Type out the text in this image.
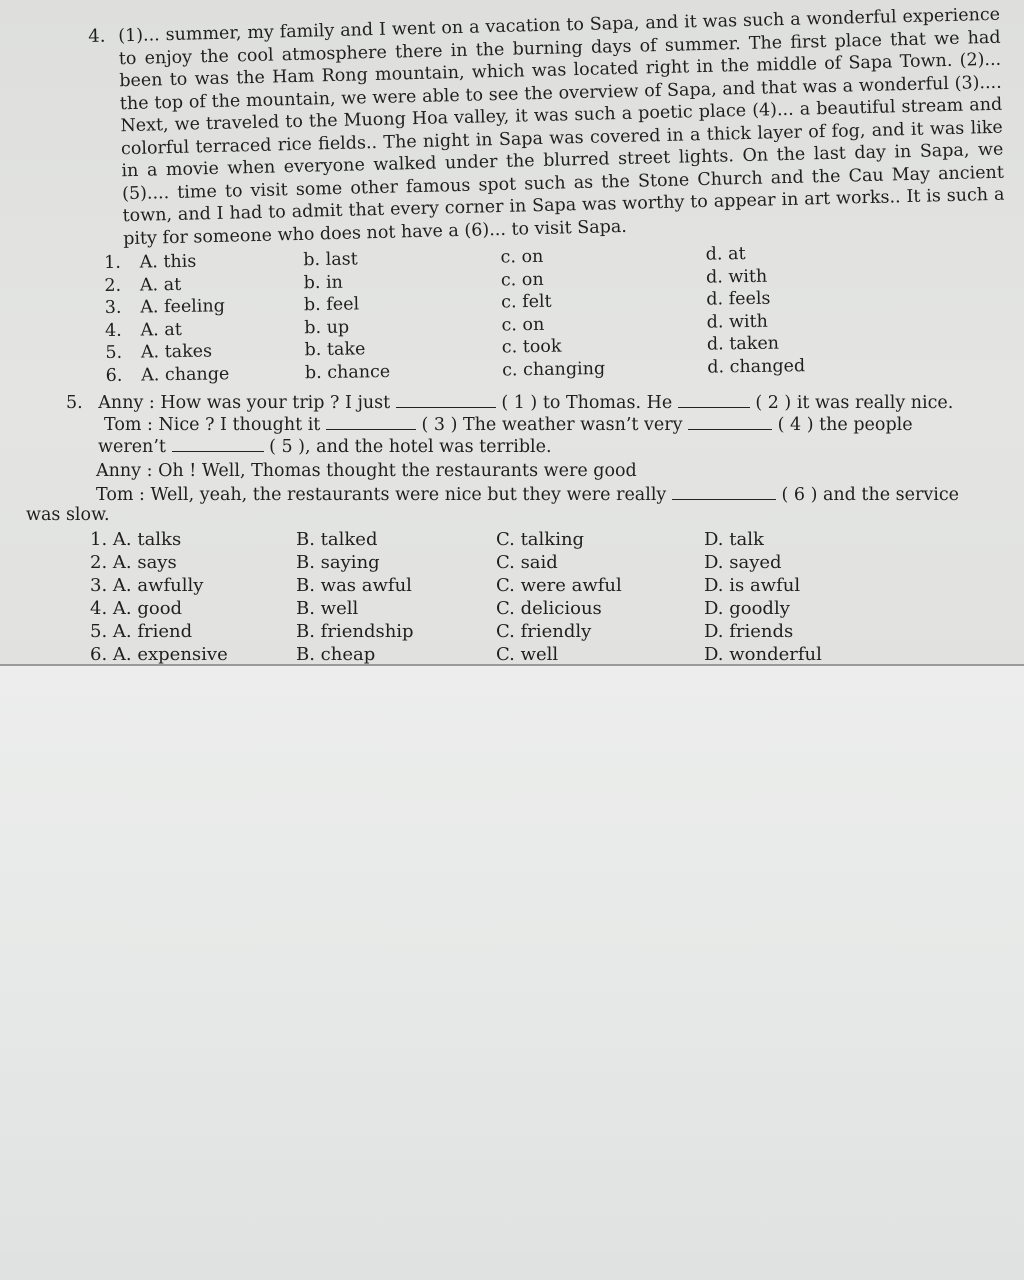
4. (1)... summer, my family and I went on a vacation to Sapa, and it was such a wonderful experience to enjoy the cool atmosphere there in the burning days of summer. The first place that we had been to was the Ham Rong mountain, which was located right in the middle of Sapa Town. (2)... the top of the mountain, we were able to see the overview of Sapa, and that was a wonderful (3).... Next, we traveled to the Muong Hoa valley, it was such a poetic place (4)... a beautiful stream and colorful terraced rice fields.. The night in Sapa was covered in a thick layer of fog, and it was like in a movie when everyone walked under the blurred street lights. On the last day in Sapa, we (5).... time to visit some other famous spot such as the Stone Church and the Cau May ancient town, and I had to admit that every corner in Sapa was worthy to appear in art works.. It is such a pity for someone who does not have a (6)... to visit Sapa.

1.	A. this	b. last	c. on	d. at
2.	A. at	b. in	c. on	d. with
3.	A. feeling	b. feel	c. felt	d. feels
4.	A. at	b. up	c. on	d. with
5.	A. takes	b. take	c. took	d. taken
6.	A. change	b. chance	c. changing	d. changed
5. Anny : How was your trip ? I just	( 1 ) to Thomas. He	( 2 ) it was really nice.
Tom : Nice ? I thought it	( 3 ) The weather wasn’t very	( 4 ) the people
weren’t	( 5 ), and the hotel was terrible.
Anny : Oh ! Well, Thomas thought the restaurants were good
Tom : Well, yeah, the restaurants were nice but they were really	( 6 ) and the service
was slow.
1. A. talks	B. talked	C. talking	D. talk
2. A. says	B. saying	C. said	D. sayed
3. A. awfully	B. was awful	C. were awful	D. is awful
4. A. good	B. well	C. delicious	D. goodly
5. A. friend	B. friendship	C. friendly	D. friends
6. A. expensive	B. cheap	C. well	D. wonderful
